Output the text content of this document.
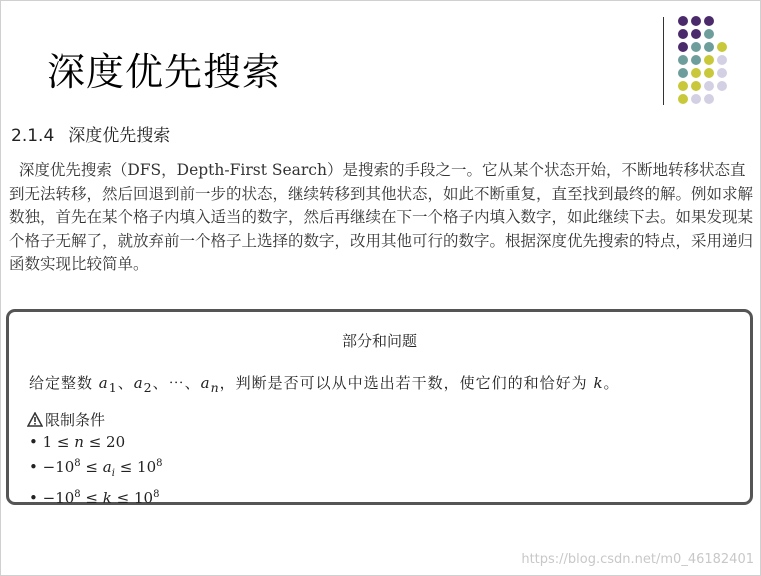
深度优先搜索
2.1.4 深度优先搜索
深度优先搜索（DFS，Depth-First Search）是搜索的手段之一。它从某个状态开始，不断地转移状态直到无法转移，然后回退到前一步的状态，继续转移到其他状态，如此不断重复，直至找到最终的解。例如求解数独，首先在某个格子内填入适当的数字，然后再继续在下一个格子内填入数字，如此继续下去。如果发现某个格子无解了，就放弃前一个格子上选择的数字，改用其他可行的数字。根据深度优先搜索的特点，采用递归函数实现比较简单。
部分和问题
给定整数 $a_1$、$a_2$、⋯、$a_n$，判断是否可以从中选出若干数，使它们的和恰好为 k。
限制条件
• 1 ≤ n ≤ 20
• $-10^8 \le a_i \le 10^8$
• $-10^8 \le k \le 10^8$
https://blog.csdn.net/m0_46182401
